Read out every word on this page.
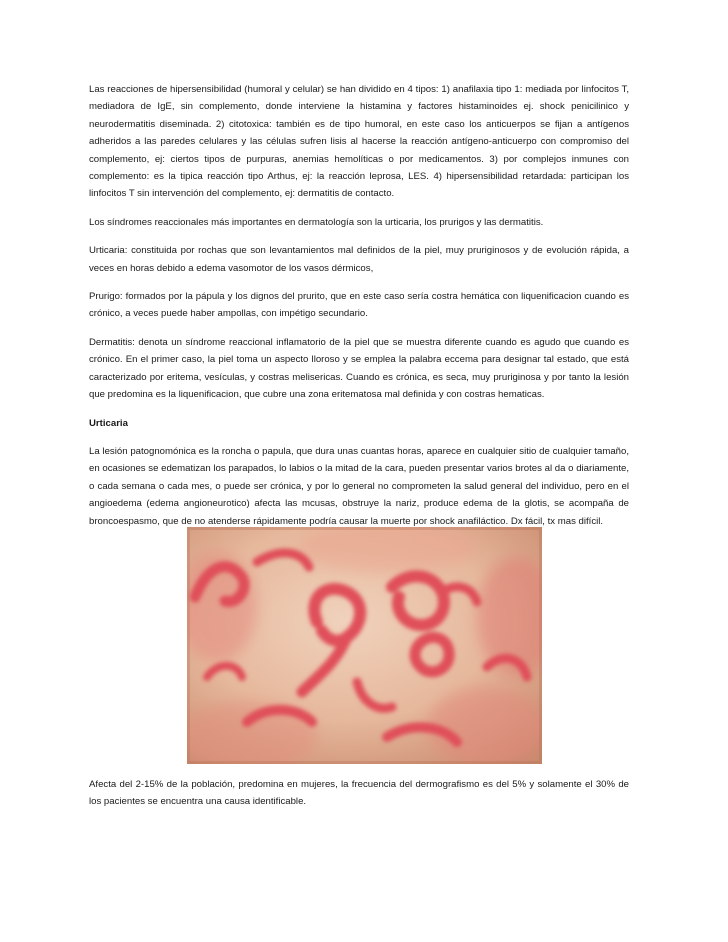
Las reacciones de hipersensibilidad (humoral y celular) se han dividido en 4 tipos: 1) anafilaxia tipo 1: mediada por linfocitos T, mediadora de IgE, sin complemento, donde interviene la histamina y factores histaminoides ej. shock penicilinico y neurodermatitis diseminada. 2) citotoxica: también es de tipo humoral, en este caso los anticuerpos se fijan a antígenos adheridos a las paredes celulares y las células sufren lisis al hacerse la reacción antígeno-anticuerpo con compromiso del complemento, ej: ciertos tipos de purpuras, anemias hemolíticas o por medicamentos. 3) por complejos inmunes con complemento: es la tipica reacción tipo Arthus, ej: la reacción leprosa, LES. 4) hipersensibilidad retardada: participan los linfocitos T sin intervención del complemento, ej: dermatitis de contacto.

Los síndromes reaccionales más importantes en dermatología son la urticaria, los prurigos y las dermatitis.

Urticaria: constituida por rochas que son levantamientos mal definidos de la piel, muy pruriginosos y de evolución rápida, a veces en horas debido a edema vasomotor de los vasos dérmicos,

Prurigo: formados por la pápula y los dignos del prurito, que en este caso sería costra hemática con liquenificacion cuando es crónico, a veces puede haber ampollas, con impétigo secundario.

Dermatitis: denota un síndrome reaccional inflamatorio de la piel que se muestra diferente cuando es agudo que cuando es crónico. En el primer caso, la piel toma un aspecto lloroso y se emplea la palabra eccema para designar tal estado, que está caracterizado por eritema, vesículas, y costras melisericas. Cuando es crónica, es seca, muy pruriginosa y por tanto la lesión que predomina es la liquenificacion, que cubre una zona eritematosa mal definida y con costras hematicas.

Urticaria

La lesión patognomónica es la roncha o papula, que dura unas cuantas horas, aparece en cualquier sitio de cualquier tamaño, en ocasiones se edematizan los parapados, lo labios o la mitad de la cara, pueden presentar varios brotes al da o diariamente, o cada semana o cada mes, o puede ser crónica, y por lo general no comprometen la salud general del individuo, pero en el angioedema (edema angioneurotico) afecta las mcusas, obstruye la nariz, produce edema de la glotis, se acompaña de broncoespasmo, que de no atenderse rápidamente podría causar la muerte por shock anafiláctico. Dx fácil, tx mas difícil.

Afecta del 2-15% de la población, predomina en mujeres, la frecuencia del dermografismo es del 5% y solamente el 30% de los pacientes se encuentra una causa identificable.
